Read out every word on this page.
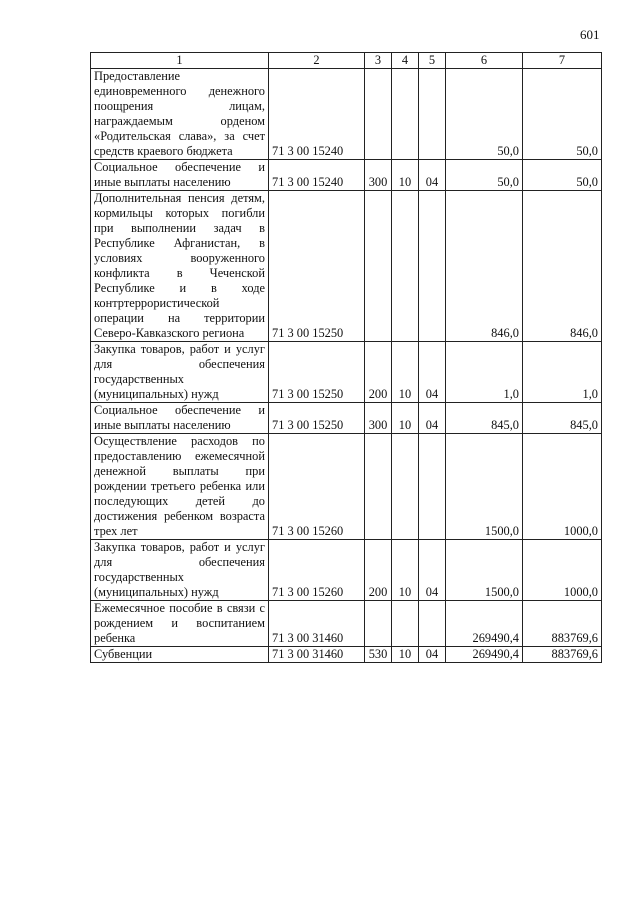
601
1	2	3	4	5	6	7

Предоставление единовременного денежного поощрения лицам, награждаемым орденом «Родительская слава», за счет средств краевого бюджета	71 3 00 15240				50,0	50,0

Социальное обеспечение и иные выплаты населению	71 3 00 15240	300	10	04	50,0	50,0

Дополнительная пенсия детям, кормильцы которых погибли при выполнении задач в Республике Афганистан, в условиях вооруженного конфликта в Чеченской Республике и в ходе контртеррористической операции на территории Северо-Кавказского региона	71 3 00 15250				846,0	846,0

Закупка товаров, работ и услуг для обеспечения государственных (муниципальных) нужд	71 3 00 15250	200	10	04	1,0	1,0

Социальное обеспечение и иные выплаты населению	71 3 00 15250	300	10	04	845,0	845,0

Осуществление расходов по предоставлению ежемесячной денежной выплаты при рождении третьего ребенка или последующих детей до достижения ребенком возраста трех лет	71 3 00 15260				1500,0	1000,0

Закупка товаров, работ и услуг для обеспечения государственных (муниципальных) нужд	71 3 00 15260	200	10	04	1500,0	1000,0

Ежемесячное пособие в связи с рождением и воспитанием ребенка	71 3 00 31460				269490,4	883769,6

Субвенции	71 3 00 31460	530	10	04	269490,4	883769,6
